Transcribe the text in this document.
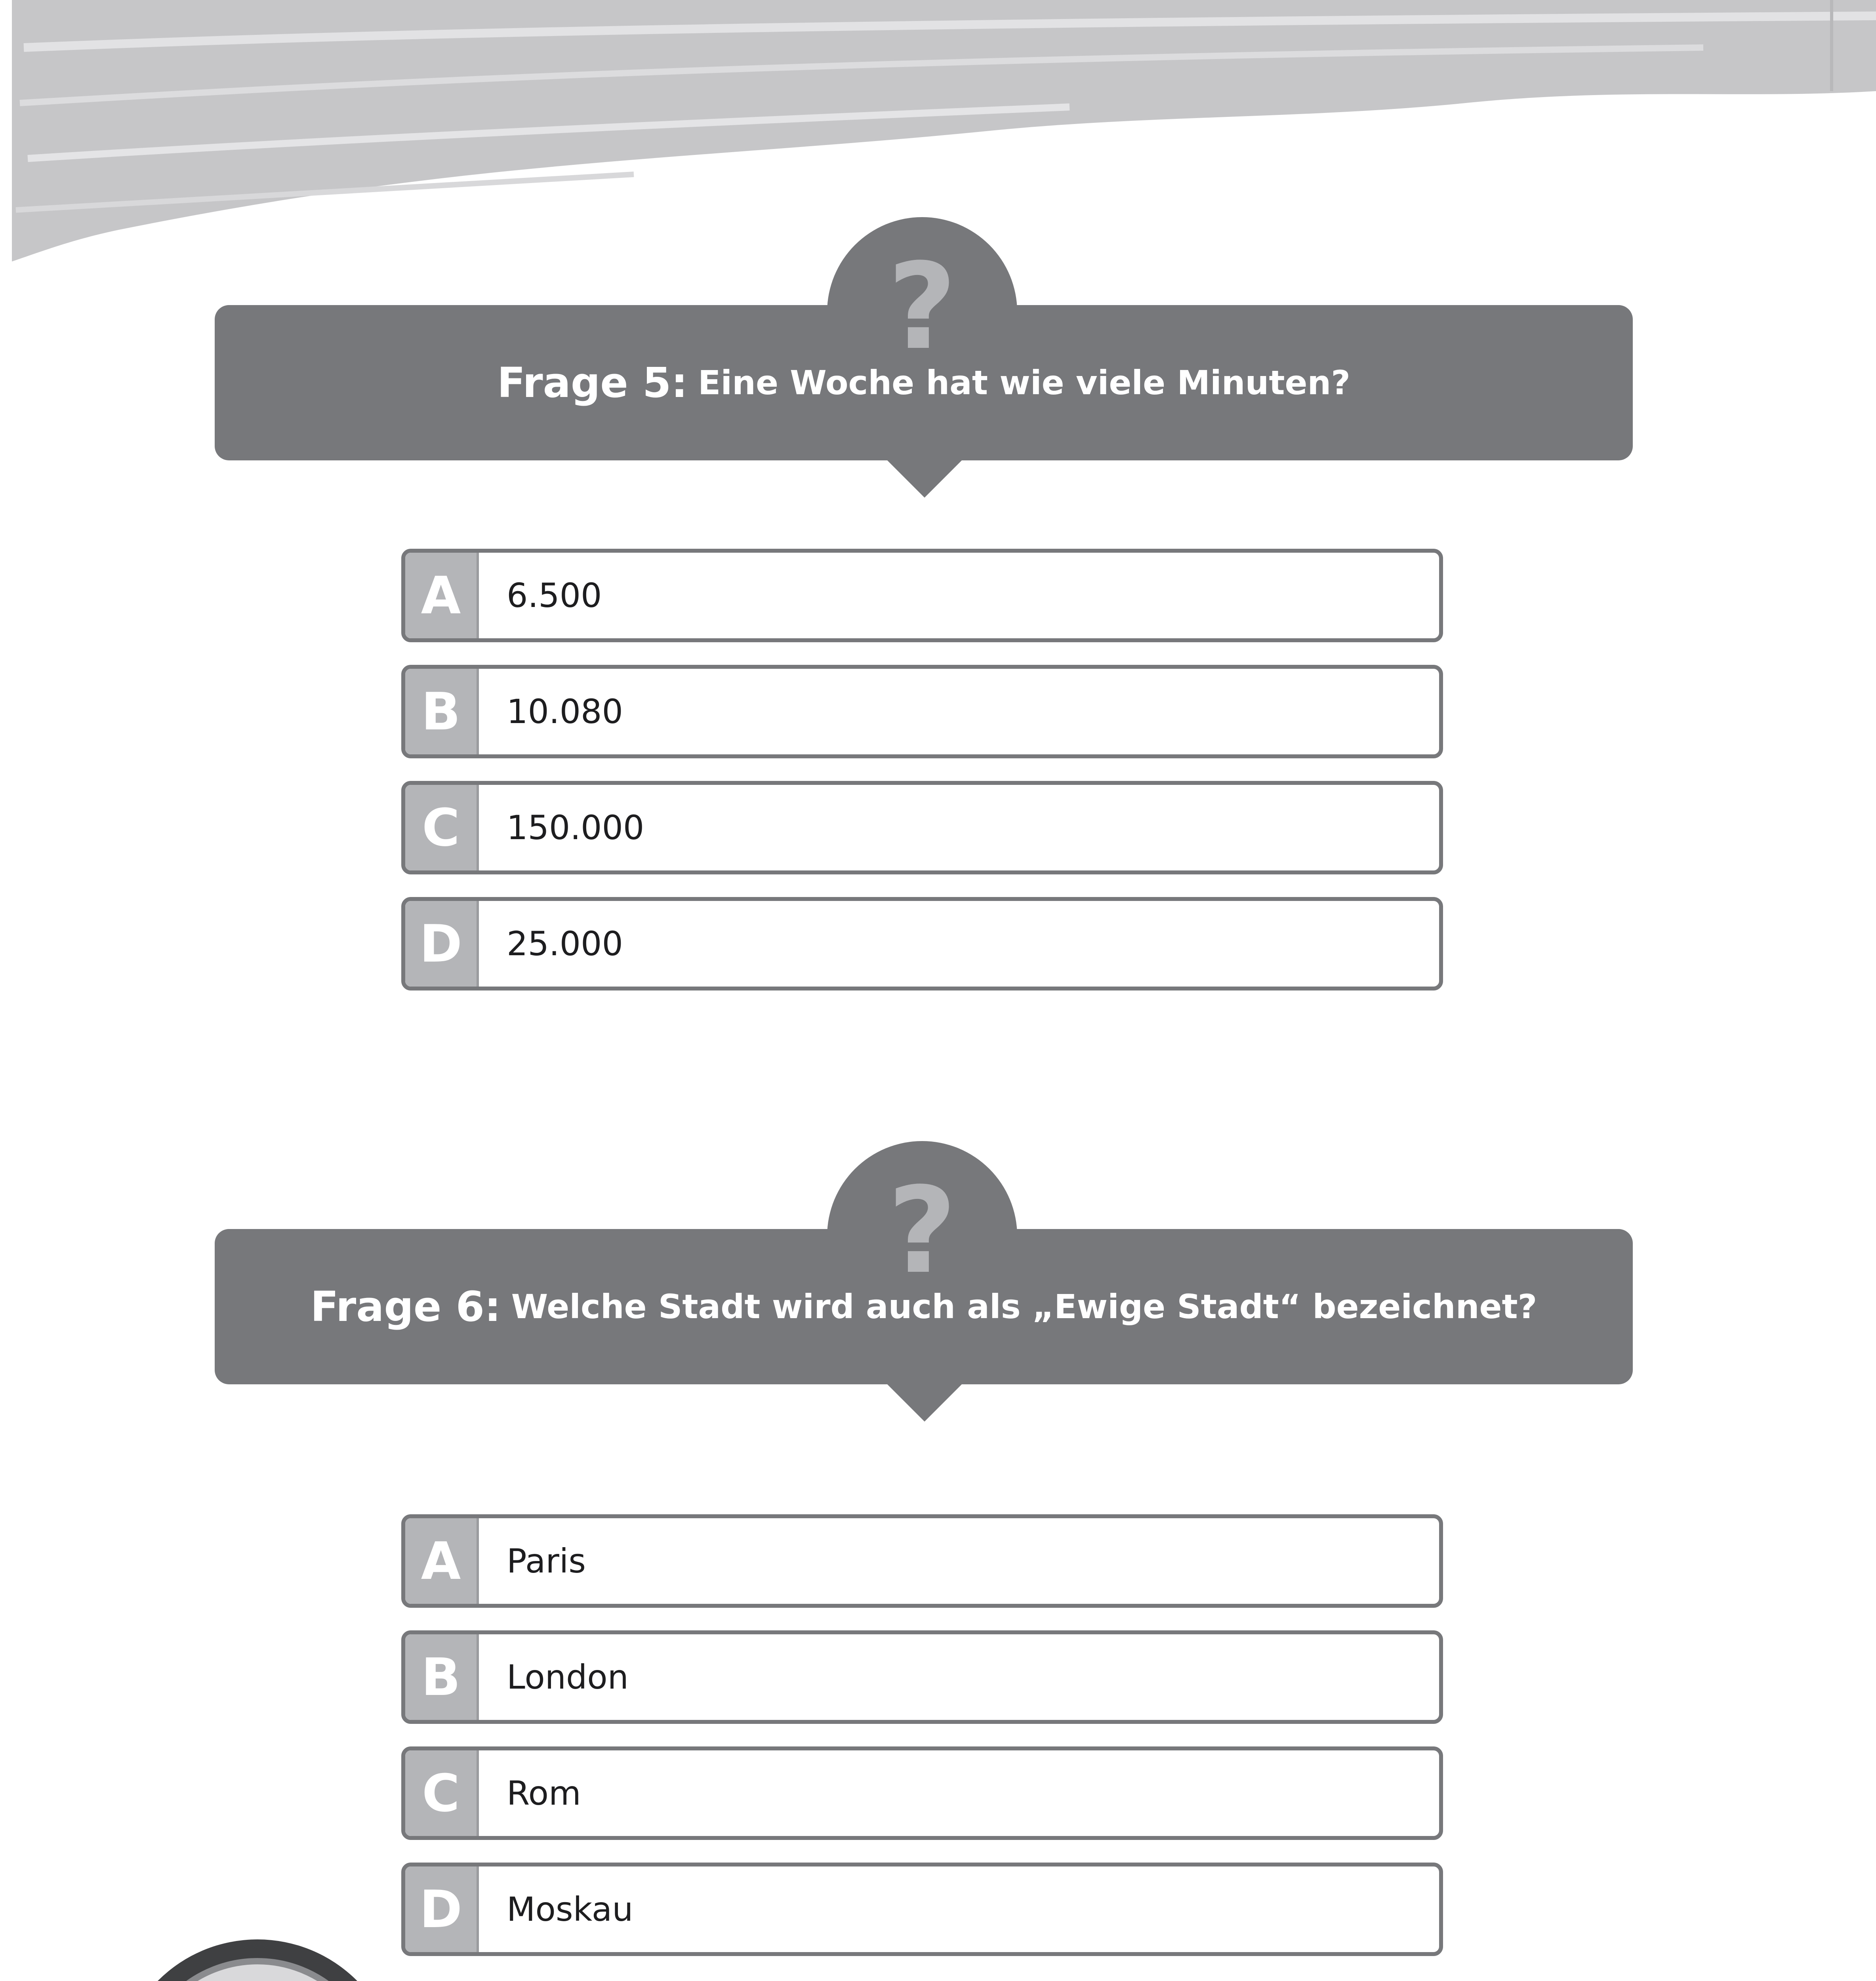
Frage 5: Eine Woche hat wie viele Minuten?
?
A	6.500
B	10.080
C	150.000
D	25.000
Frage 6: Welche Stadt wird auch als „Ewige Stadt“ bezeichnet?
?
A	Paris
B	London
C	Rom
D	Moskau
